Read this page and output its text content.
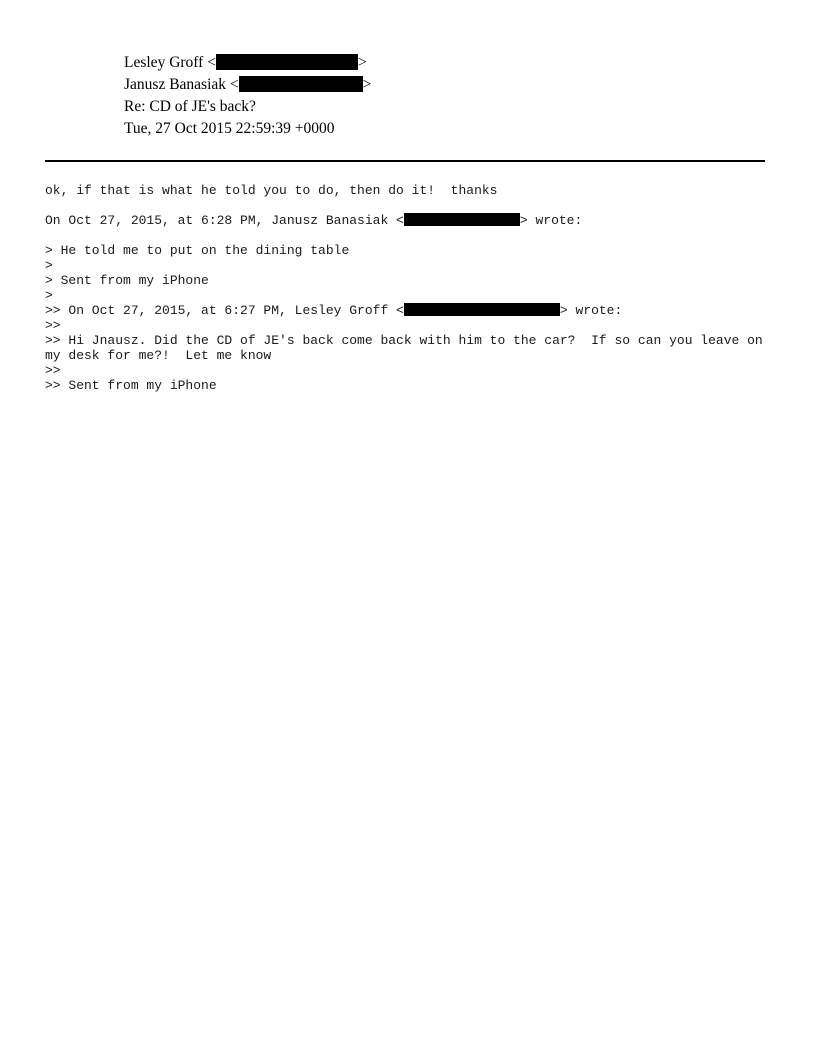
Lesley Groff <	>
Janusz Banasiak <	>
Re: CD of JE's back?
Tue, 27 Oct 2015 22:59:39 +0000
ok, if that is what he told you to do, then do it!  thanks
On Oct 27, 2015, at 6:28 PM, Janusz Banasiak <	> wrote:
> He told me to put on the dining table
>
> Sent from my iPhone
>
>> On Oct 27, 2015, at 6:27 PM, Lesley Groff <	> wrote:
>>
>> Hi Jnausz. Did the CD of JE's back come back with him to the car?  If so can you leave on my desk for me?!  Let me know
>>
>> Sent from my iPhone
